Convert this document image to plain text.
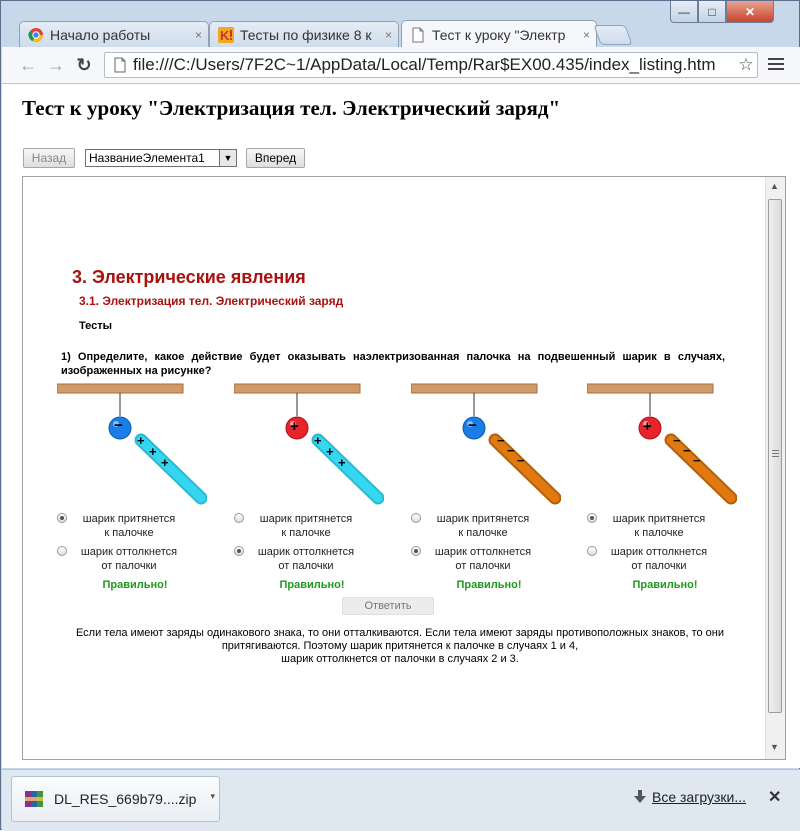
Начало работы	× K Тесты по физике 8 к	×	Тест к уроку "Электр	×
—	□	✕
← → ↻ file:///C:/Users/7F2C~1/AppData/Local/Temp/Rar$EX00.435/index_listing.htm	☆
Тест к уроку "Электризация тел. Электрический заряд"
Назад	НазваниеЭлемента1	▼	Вперед
3. Электрические явления
3.1. Электризация тел. Электрический заряд
Тесты
1) Определите, какое действие будет оказывать наэлектризованная палочка на подвешенный шарик в случаях, изображенных на рисунке?
−
+
+
+
шарик притянется
к палочке
шарик оттолкнется
от палочки
Правильно!
+
+
+
+
шарик притянется
к палочке
шарик оттолкнется
от палочки
Правильно!
−
−
−
−
шарик притянется
к палочке
шарик оттолкнется
от палочки
Правильно!
+
−
−
−
шарик притянется
к палочке
шарик оттолкнется
от палочки
Правильно!
Ответить
Если тела имеют заряды одинакового знака, то они отталкиваются. Если тела имеют заряды противоположных знаков, то они притягиваются. Поэтому шарик притянется к палочке в случаях 1 и 4,
шарик оттолкнется от палочки в случаях 2 и 3.
▲
▼
DL_RES_669b79....zip ▾	Все загрузки... ✕
